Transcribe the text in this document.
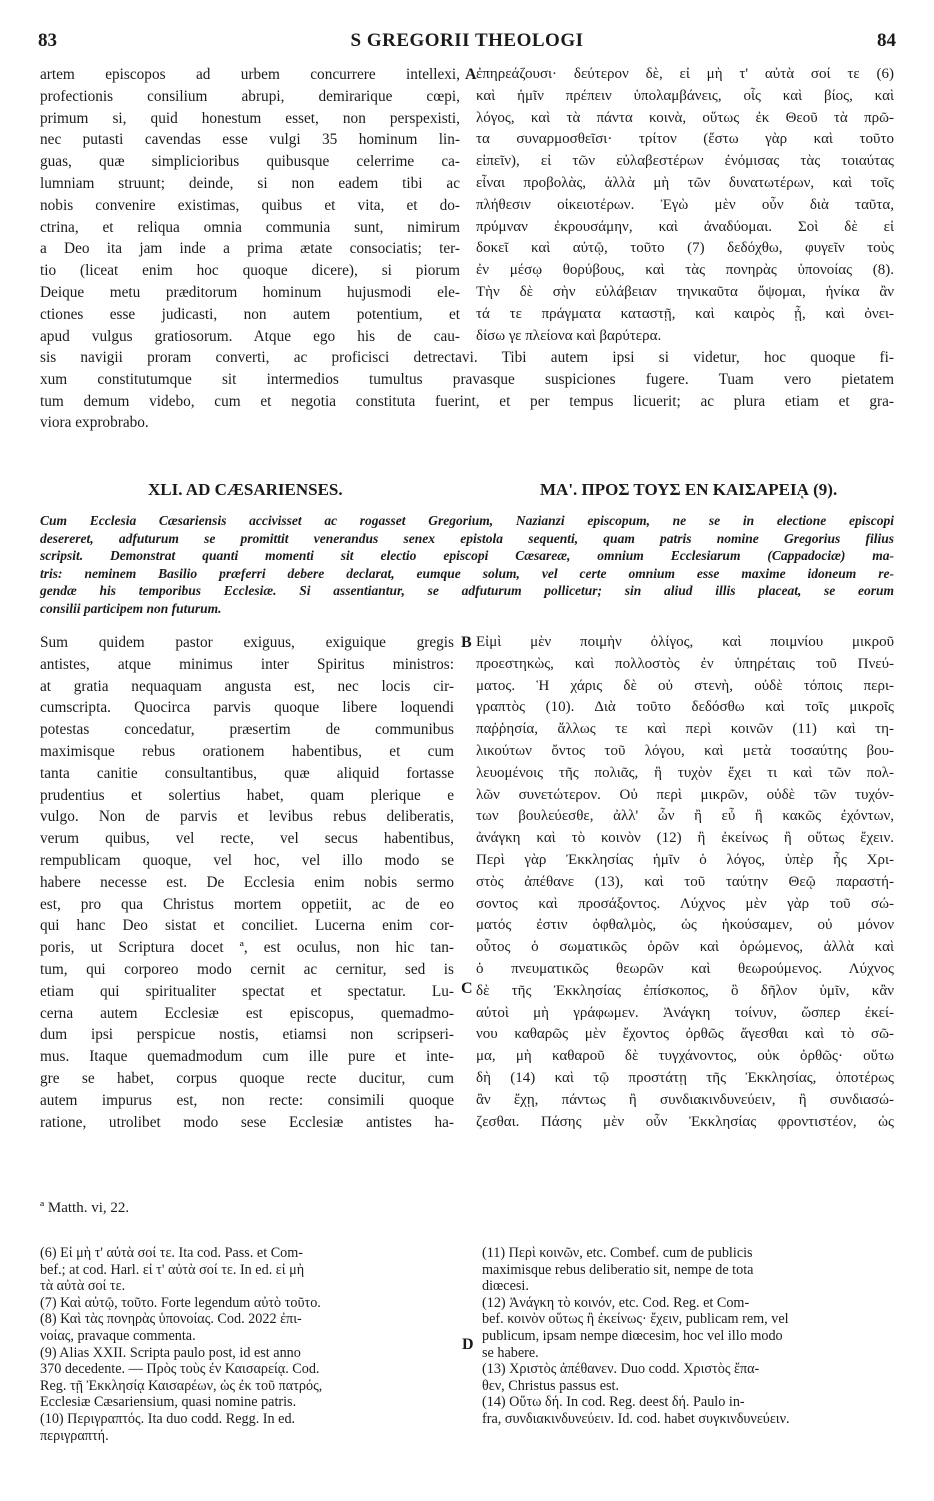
83	S GREGORII THEOLOGI	84
artem episcopos ad urbem concurrere intellexi,
profectionis consilium abrupi, demirarique cœpi,
primum si, quid honestum esset, non perspexisti,
nec putasti cavendas esse vulgi 35 hominum lin-
guas, quæ simplicioribus quibusque celerrime ca-
lumniam struunt; deinde, si non eadem tibi ac
nobis convenire existimas, quibus et vita, et do-
ctrina, et reliqua omnia communia sunt, nimirum
a Deo ita jam inde a prima ætate consociatis; ter-
tio (liceat enim hoc quoque dicere), si piorum
Deique metu præditorum hominum hujusmodi ele-
ctiones esse judicasti, non autem potentium, et
apud vulgus gratiosorum. Atque ego his de cau-
ἐπηρεάζουσι· δεύτερον δὲ, εἰ μὴ τ' αὐτὰ σοί τε (6)
καὶ ἡμῖν πρέπειν ὑπολαμβάνεις, οἷς καὶ βίος, καὶ
λόγος, καὶ τὰ πάντα κοινὰ, οὕτως ἐκ Θεοῦ τὰ πρῶ-
τα συναρμοσθεῖσι· τρίτον (ἔστω γὰρ καὶ τοῦτο
εἰπεῖν), εἰ τῶν εὐλαβεστέρων ἐνόμισας τὰς τοιαύτας
εἶναι προβολὰς, ἀλλὰ μὴ τῶν δυνατωτέρων, καὶ τοῖς
πλήθεσιν οἰκειοτέρων. Ἐγὼ μὲν οὖν διὰ ταῦτα,
πρύμναν ἐκρουσάμην, καὶ ἀναδύομαι. Σοὶ δὲ εἰ
δοκεῖ καὶ αὐτῷ, τοῦτο (7) δεδόχθω, φυγεῖν τοὺς
ἐν μέσῳ θορύβους, καὶ τὰς πονηρὰς ὑπονοίας (8).
Τὴν δὲ σὴν εὐλάβειαν τηνικαῦτα ὄψομαι, ἡνίκα ἂν
τά τε πράγματα καταστῇ, καὶ καιρὸς ᾖ, καὶ ὀνει-
δίσω γε πλείονα καὶ βαρύτερα.
A
sis navigii proram converti, ac proficisci detrectavi. Tibi autem ipsi si videtur, hoc quoque fi-
xum constitutumque sit intermedios tumultus pravasque suspiciones fugere. Tuam vero pietatem
tum demum videbo, cum et negotia constituta fuerint, et per tempus licuerit; ac plura etiam et gra-
viora exprobrabo.
XLI. AD CÆSARIENSES.	ΜΑ'. ΠΡΟΣ ΤΟΥΣ ΕΝ ΚΑΙΣΑΡΕΙᾼ (9).
Cum Ecclesia Cæsariensis accivisset ac rogasset Gregorium, Nazianzi episcopum, ne se in electione episcopi
desereret, adfuturum se promittit venerandus senex epistola sequenti, quam patris nomine Gregorius filius
scripsit. Demonstrat quanti momenti sit electio episcopi Cæsareæ, omnium Ecclesiarum (Cappadociæ) ma-
tris: neminem Basilio præferri debere declarat, eumque solum, vel certe omnium esse maxime idoneum re-
gendæ his temporibus Ecclesiæ. Si assentiantur, se adfuturum pollicetur; sin aliud illis placeat, se eorum
consilii participem non futurum.
Sum quidem pastor exiguus, exiguique gregis
antistes, atque minimus inter Spiritus ministros:
at gratia nequaquam angusta est, nec locis cir-
cumscripta. Quocirca parvis quoque libere loquendi
potestas concedatur, præsertim de communibus
maximisque rebus orationem habentibus, et cum
tanta canitie consultantibus, quæ aliquid fortasse
prudentius et solertius habet, quam plerique e
vulgo. Non de parvis et levibus rebus deliberatis,
verum quibus, vel recte, vel secus habentibus,
rempublicam quoque, vel hoc, vel illo modo se
habere necesse est. De Ecclesia enim nobis sermo
est, pro qua Christus mortem oppetiit, ac de eo
qui hanc Deo sistat et conciliet. Lucerna enim cor-
poris, ut Scriptura docet ª, est oculus, non hic tan-
tum, qui corporeo modo cernit ac cernitur, sed is
etiam qui spiritualiter spectat et spectatur. Lu-
cerna autem Ecclesiæ est episcopus, quemadmo-
dum ipsi perspicue nostis, etiamsi non scripseri-
mus. Itaque quemadmodum cum ille pure et inte-
gre se habet, corpus quoque recte ducitur, cum
autem impurus est, non recte: consimili quoque
ratione, utrolibet modo sese Ecclesiæ antistes ha-
Εἰμὶ μὲν ποιμὴν ὀλίγος, καὶ ποιμνίου μικροῦ
προεστηκὼς, καὶ πολλοστὸς ἐν ὑπηρέταις τοῦ Πνεύ-
ματος. Ἡ χάρις δὲ οὐ στενὴ, οὐδὲ τόποις περι-
γραπτὸς (10). Διὰ τοῦτο δεδόσθω καὶ τοῖς μικροῖς
παῤῥησία, ἄλλως τε καὶ περὶ κοινῶν (11) καὶ τη-
λικούτων ὄντος τοῦ λόγου, καὶ μετὰ τοσαύτης βου-
λευομένοις τῆς πολιᾶς, ἣ τυχὸν ἔχει τι καὶ τῶν πολ-
λῶν συνετώτερον. Οὐ περὶ μικρῶν, οὐδὲ τῶν τυχόν-
των βουλεύεσθε, ἀλλ' ὧν ἢ εὖ ἢ κακῶς ἐχόντων,
ἀνάγκη καὶ τὸ κοινὸν (12) ἢ ἐκείνως ἢ οὕτως ἔχειν.
Περὶ γὰρ Ἐκκλησίας ἡμῖν ὁ λόγος, ὑπὲρ ἧς Χρι-
στὸς ἀπέθανε (13), καὶ τοῦ ταύτην Θεῷ παραστή-
σοντος καὶ προσάξοντος. Λύχνος μὲν γὰρ τοῦ σώ-
ματός ἐστιν ὀφθαλμὸς, ὡς ἠκούσαμεν, οὐ μόνον
οὗτος ὁ σωματικῶς ὁρῶν καὶ ὁρώμενος, ἀλλὰ καὶ
ὁ πνευματικῶς θεωρῶν καὶ θεωρούμενος. Λύχνος
δὲ τῆς Ἐκκλησίας ἐπίσκοπος, ὃ δῆλον ὑμῖν, κἂν
αὐτοὶ μὴ γράφωμεν. Ἀνάγκη τοίνυν, ὥσπερ ἐκεί-
νου καθαρῶς μὲν ἔχοντος ὀρθῶς ἄγεσθαι καὶ τὸ σῶ-
μα, μὴ καθαροῦ δὲ τυγχάνοντος, οὐκ ὀρθῶς· οὕτω
δὴ (14) καὶ τῷ προστάτῃ τῆς Ἐκκλησίας, ὁποτέρως
ἂν ἔχῃ, πάντως ἢ συνδιακινδυνεύειν, ἢ συνδιασώ-
ζεσθαι. Πάσης μὲν οὖν Ἐκκλησίας φροντιστέον, ὡς
B
C
ª Matth. vi, 22.
(6) Εἰ μὴ τ' αὐτὰ σοί τε. Ita cod. Pass. et Com-
bef.; at cod. Harl. εἰ τ' αὐτὰ σοί τε. In ed. εἰ μὴ
τὰ αὐτὰ σοί τε.
(7) Καὶ αὐτῷ, τοῦτο. Forte legendum αὐτὸ τοῦτο.
(8) Καὶ τὰς πονηρὰς ὑπονοίας. Cod. 2022 ἐπι-
νοίας, pravaque commenta.
(9) Alias XXII. Scripta paulo post, id est anno
370 decedente. — Πρὸς τοὺς ἐν Καισαρείᾳ. Cod.
Reg. τῇ Ἐκκλησίᾳ Καισαρέων, ὡς ἐκ τοῦ πατρός,
Ecclesiæ Cæsariensium, quasi nomine patris.
(10) Περιγραπτός. Ita duo codd. Regg. In ed.
περιγραπτή.
D
(11) Περὶ κοινῶν, etc. Combef. cum de publicis
maximisque rebus deliberatio sit, nempe de tota
diœcesi.
(12) Ἀνάγκη τὸ κοινόν, etc. Cod. Reg. et Com-
bef. κοινὸν οὕτως ἢ ἐκείνως· ἔχειν, publicam rem, vel
publicum, ipsam nempe diœcesim, hoc vel illo modo
se habere.
(13) Χριστὸς ἀπέθανεν. Duo codd. Χριστὸς ἔπα-
θεν, Christus passus est.
(14) Οὕτω δή. In cod. Reg. deest δή. Paulo in-
fra, συνδιακινδυνεύειν. Id. cod. habet συγκινδυνεύειν.
